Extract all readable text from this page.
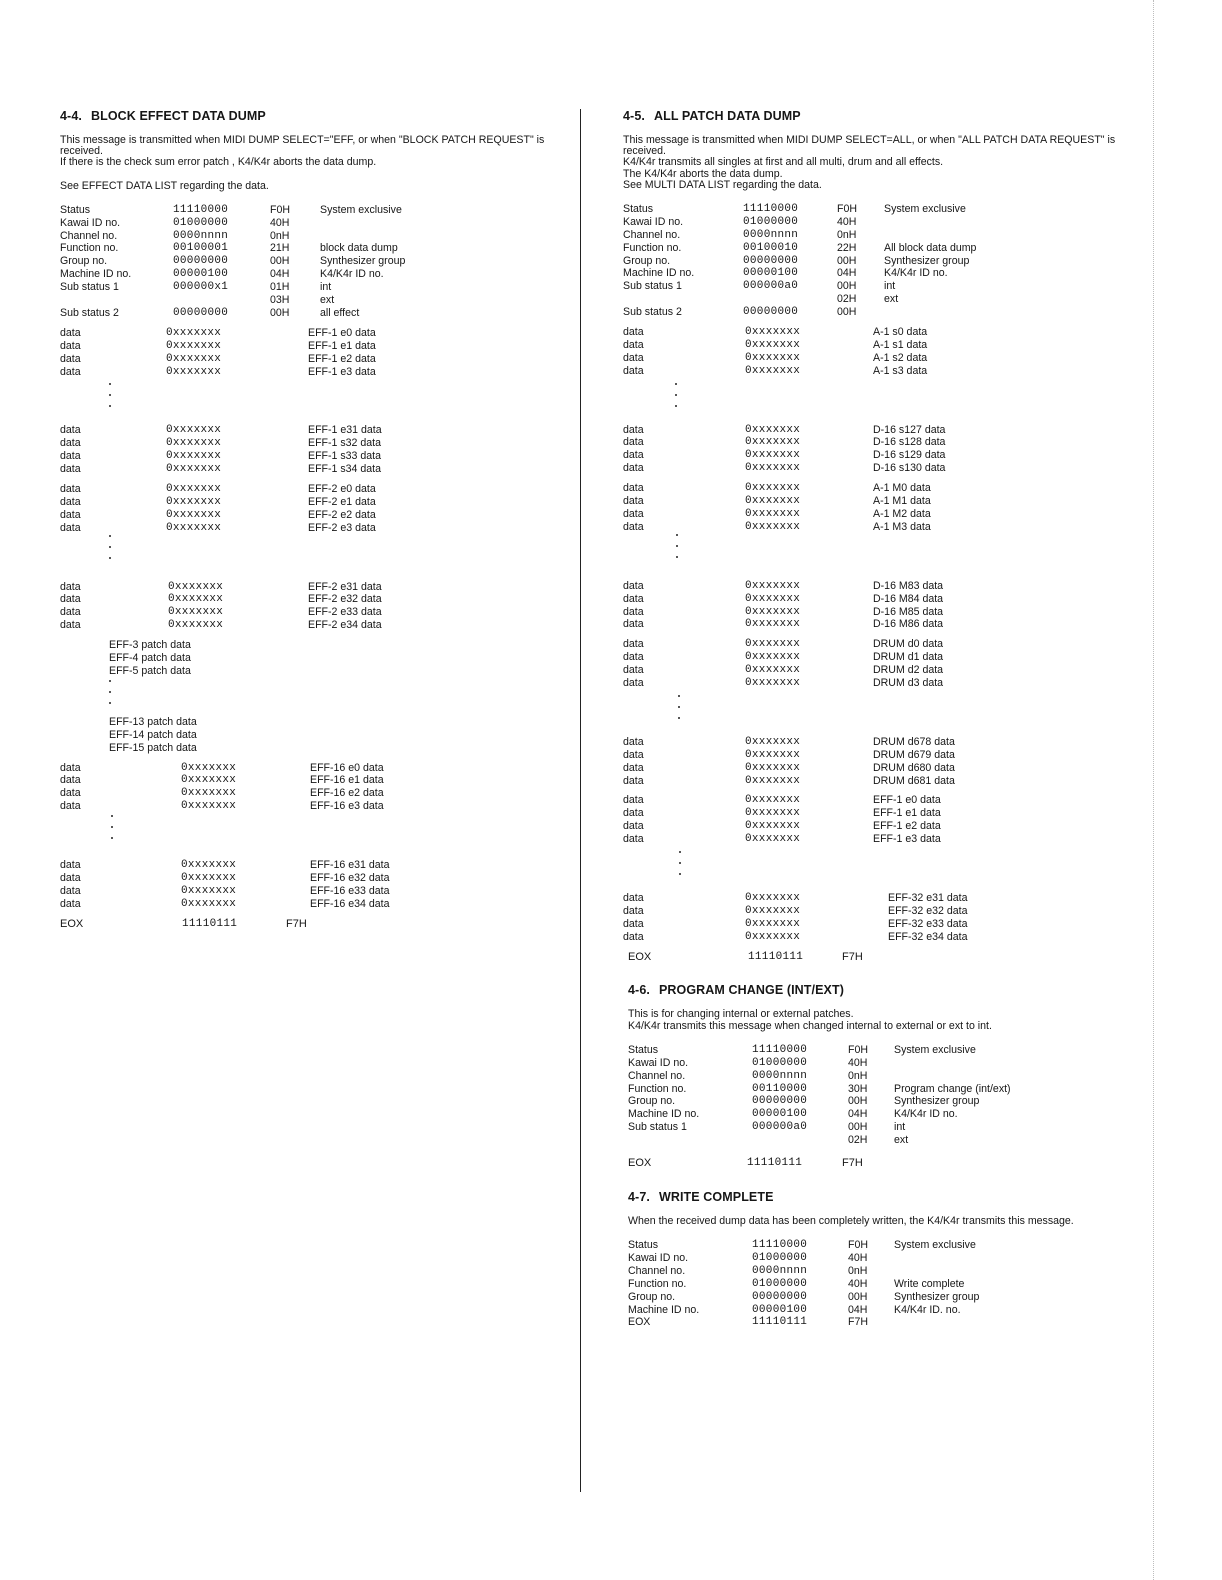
4-4. BLOCK EFFECT DATA DUMP

This message is transmitted when MIDI DUMP SELECT="EFF, or when "BLOCK PATCH REQUEST" is received.

If there is the check sum error patch , K4/K4r aborts the data dump.

See EFFECT DATA LIST regarding the data.

Status	11110000	F0H	System exclusive
Kawai ID no.	01000000	40H
Channel no.	0000nnnn	0nH
Function no.	00100001	21H	block data dump
Group no.	00000000	00H	Synthesizer group
Machine ID no.	00000100	04H	K4/K4r ID no.
Sub status 1	000000x1	01H	int
03H	ext
Sub status 2	00000000	00H	all effect
data	0xxxxxxx	EFF-1 e0 data
data	0xxxxxxx	EFF-1 e1 data
data	0xxxxxxx	EFF-1 e2 data
data	0xxxxxxx	EFF-1 e3 data
data	0xxxxxxx	EFF-1 e31 data
data	0xxxxxxx	EFF-1 s32 data
data	0xxxxxxx	EFF-1 s33 data
data	0xxxxxxx	EFF-1 s34 data
data	0xxxxxxx	EFF-2 e0 data
data	0xxxxxxx	EFF-2 e1 data
data	0xxxxxxx	EFF-2 e2 data
data	0xxxxxxx	EFF-2 e3 data
data	0xxxxxxx	EFF-2 e31 data
data	0xxxxxxx	EFF-2 e32 data
data	0xxxxxxx	EFF-2 e33 data
data	0xxxxxxx	EFF-2 e34 data
EFF-3 patch data
EFF-4 patch data
EFF-5 patch data
EFF-13 patch data
EFF-14 patch data
EFF-15 patch data
data	0xxxxxxx	EFF-16 e0 data
data	0xxxxxxx	EFF-16 e1 data
data	0xxxxxxx	EFF-16 e2 data
data	0xxxxxxx	EFF-16 e3 data
data	0xxxxxxx	EFF-16 e31 data
data	0xxxxxxx	EFF-16 e32 data
data	0xxxxxxx	EFF-16 e33 data
data	0xxxxxxx	EFF-16 e34 data
EOX	11110111	F7H
4-5. ALL PATCH DATA DUMP

This message is transmitted when MIDI DUMP SELECT=ALL, or when "ALL PATCH DATA REQUEST" is received.

K4/K4r transmits all singles at first and all multi, drum and all effects.

The K4/K4r aborts the data dump.

See MULTI DATA LIST regarding the data.

Status	11110000	F0H	System exclusive
Kawai ID no.	01000000	40H
Channel no.	0000nnnn	0nH
Function no.	00100010	22H	All block data dump
Group no.	00000000	00H	Synthesizer group
Machine ID no.	00000100	04H	K4/K4r ID no.
Sub status 1	000000a0	00H	int
02H	ext
Sub status 2	00000000	00H
data	0xxxxxxx	A-1 s0 data
data	0xxxxxxx	A-1 s1 data
data	0xxxxxxx	A-1 s2 data
data	0xxxxxxx	A-1 s3 data
data	0xxxxxxx	D-16 s127 data
data	0xxxxxxx	D-16 s128 data
data	0xxxxxxx	D-16 s129 data
data	0xxxxxxx	D-16 s130 data
data	0xxxxxxx	A-1 M0 data
data	0xxxxxxx	A-1 M1 data
data	0xxxxxxx	A-1 M2 data
data	0xxxxxxx	A-1 M3 data
data	0xxxxxxx	D-16 M83 data
data	0xxxxxxx	D-16 M84 data
data	0xxxxxxx	D-16 M85 data
data	0xxxxxxx	D-16 M86 data
data	0xxxxxxx	DRUM d0 data
data	0xxxxxxx	DRUM d1 data
data	0xxxxxxx	DRUM d2 data
data	0xxxxxxx	DRUM d3 data
data	0xxxxxxx	DRUM d678 data
data	0xxxxxxx	DRUM d679 data
data	0xxxxxxx	DRUM d680 data
data	0xxxxxxx	DRUM d681 data
data	0xxxxxxx	EFF-1 e0 data
data	0xxxxxxx	EFF-1 e1 data
data	0xxxxxxx	EFF-1 e2 data
data	0xxxxxxx	EFF-1 e3 data
data	0xxxxxxx	EFF-32 e31 data
data	0xxxxxxx	EFF-32 e32 data
data	0xxxxxxx	EFF-32 e33 data
data	0xxxxxxx	EFF-32 e34 data
EOX	11110111	F7H
4-6. PROGRAM CHANGE (INT/EXT)

This is for changing internal or external patches.

K4/K4r transmits this message when changed internal to external or ext to int.

Status	11110000	F0H System exclusive
Kawai ID no.	01000000	40H
Channel no.	0000nnnn	0nH
Function no.	00110000	30H	Program change (int/ext)
Group no.	00000000	00H	Synthesizer group
Machine ID no.	00000100	04H	K4/K4r ID no.
Sub status 1	000000a0	00H	int
02H	ext
EOX	11110111	F7H
4-7. WRITE COMPLETE

When the received dump data has been completely written, the K4/K4r transmits this message.

Status	11110000	F0H System exclusive
Kawai ID no.	01000000	40H
Channel no.	0000nnnn	0nH
Function no.	01000000	40H	Write complete
Group no.	00000000	00H	Synthesizer group
Machine ID no.	00000100	04H	K4/K4r ID. no.
EOX	11110111	F7H
